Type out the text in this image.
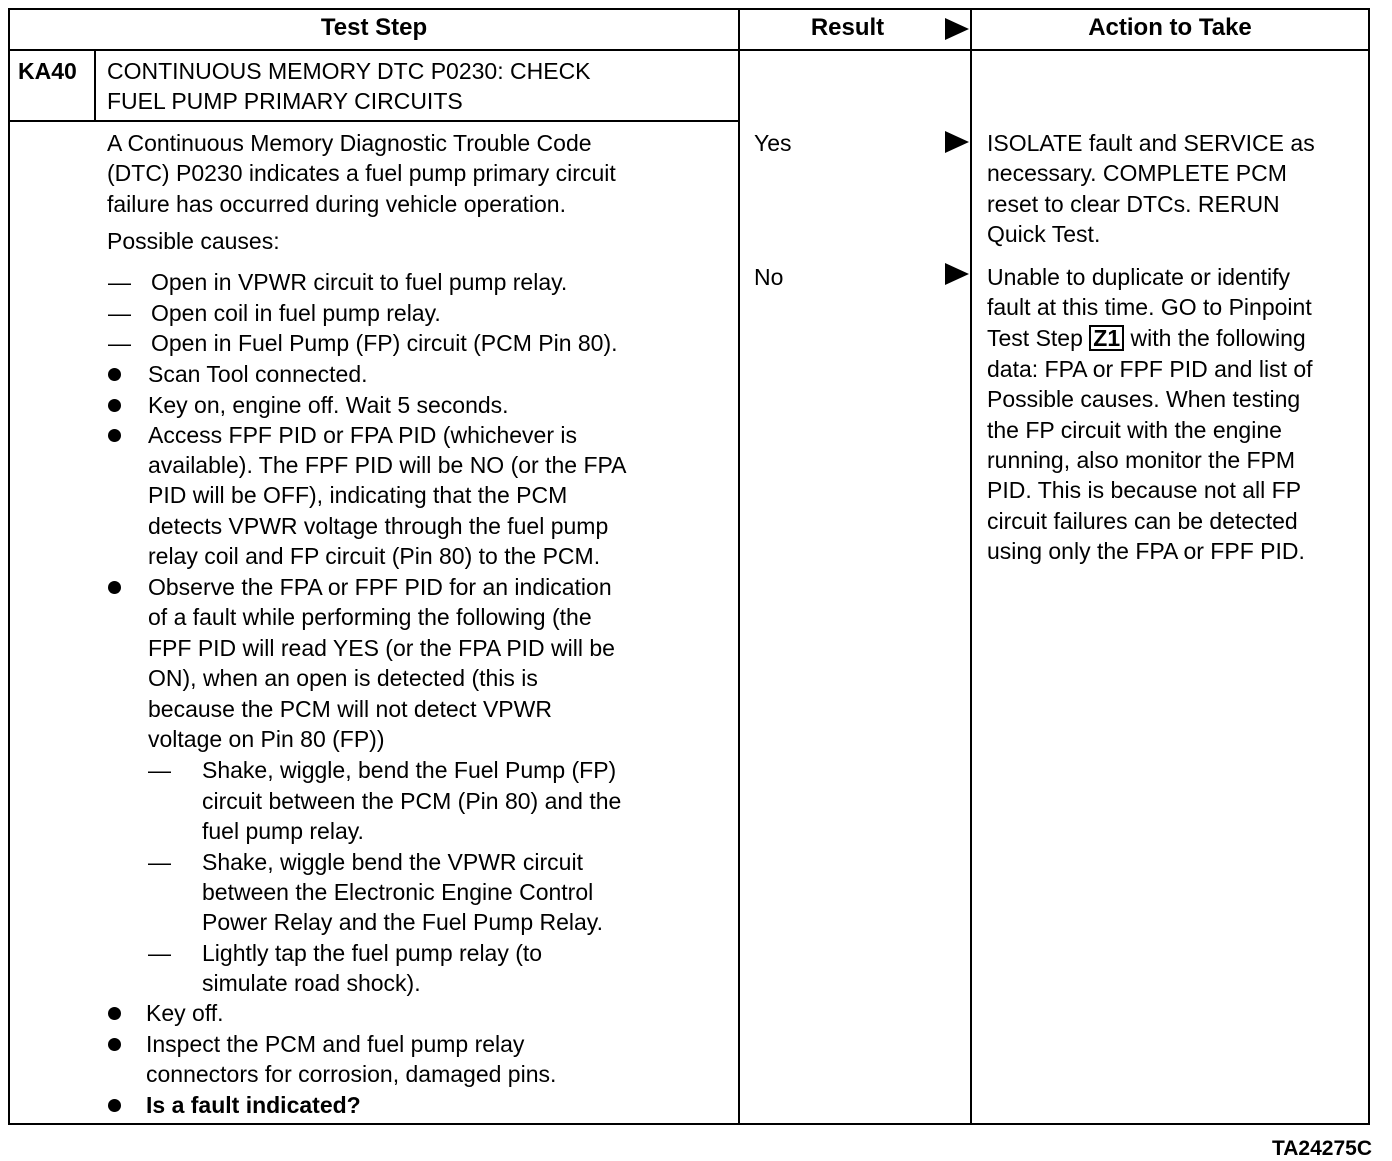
Test Step	Result	Action to Take
KA40 CONTINUOUS MEMORY DTC P0230: CHECK
FUEL PUMP PRIMARY CIRCUITS
A Continuous Memory Diagnostic Trouble Code
(DTC) P0230 indicates a fuel pump primary circuit
failure has occurred during vehicle operation.
Possible causes:
— Open in VPWR circuit to fuel pump relay.
— Open coil in fuel pump relay.
— Open in Fuel Pump (FP) circuit (PCM Pin 80).
Scan Tool connected.
Key on, engine off. Wait 5 seconds.
Access FPF PID or FPA PID (whichever is
available). The FPF PID will be NO (or the FPA
PID will be OFF), indicating that the PCM
detects VPWR voltage through the fuel pump
relay coil and FP circuit (Pin 80) to the PCM.
Observe the FPA or FPF PID for an indication
of a fault while performing the following (the
FPF PID will read YES (or the FPA PID will be
ON), when an open is detected (this is
because the PCM will not detect VPWR
voltage on Pin 80 (FP))
— Shake, wiggle, bend the Fuel Pump (FP)
circuit between the PCM (Pin 80) and the
fuel pump relay.
— Shake, wiggle bend the VPWR circuit
between the Electronic Engine Control
Power Relay and the Fuel Pump Relay.
— Lightly tap the fuel pump relay (to
simulate road shock).
Key off.
Inspect the PCM and fuel pump relay
connectors for corrosion, damaged pins.
Is a fault indicated?
Yes
No
ISOLATE fault and SERVICE as
necessary. COMPLETE PCM
reset to clear DTCs. RERUN
Quick Test.
Unable to duplicate or identify
fault at this time. GO to Pinpoint
Test Step Z1 with the following
data: FPA or FPF PID and list of
Possible causes. When testing
the FP circuit with the engine
running, also monitor the FPM
PID. This is because not all FP
circuit failures can be detected
using only the FPA or FPF PID.
TA24275C
